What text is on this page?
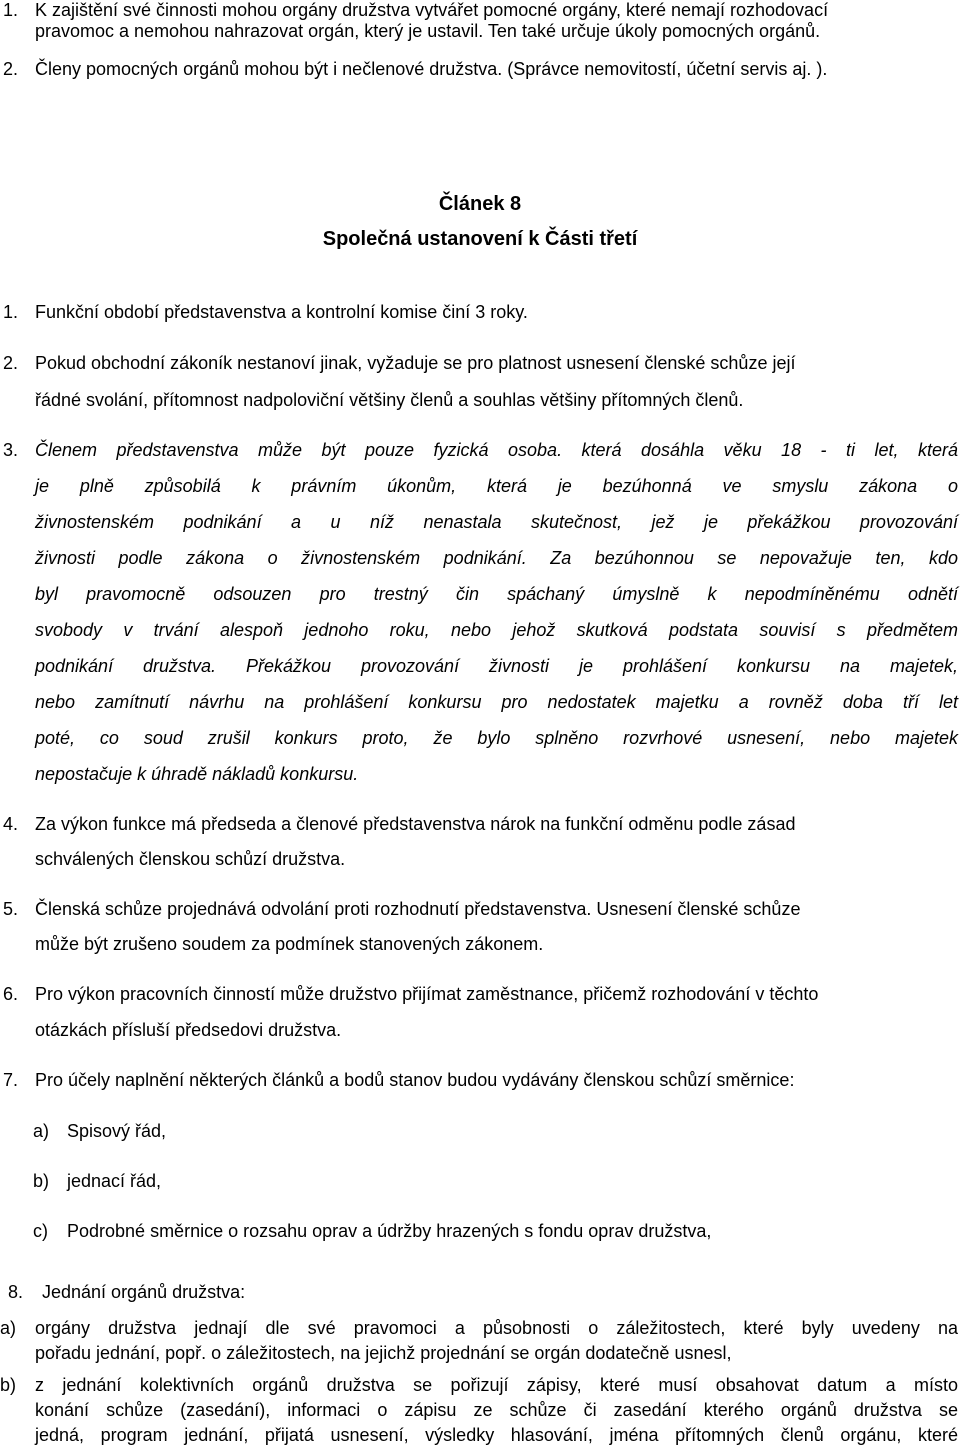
1. K zajištění své činnosti mohou orgány družstva vytvářet pomocné orgány, které nemají rozhodovací
pravomoc a nemohou nahrazovat orgán, který je ustavil. Ten také určuje úkoly pomocných orgánů.
2. Členy pomocných orgánů mohou být i nečlenové družstva. (Správce nemovitostí, účetní servis aj. ).
Článek 8
Společná ustanovení k Části třetí
1. Funkční období představenstva a kontrolní komise činí 3 roky.
2. Pokud obchodní zákoník nestanoví jinak, vyžaduje se pro platnost usnesení členské schůze její
řádné svolání, přítomnost nadpoloviční většiny členů a souhlas většiny přítomných členů.
3. Členem představenstva může být pouze fyzická osoba. která dosáhla věku 18 - ti let, která
je plně způsobilá k právním úkonům, která je bezúhonná ve smyslu zákona o
živnostenském podnikání a u níž nenastala skutečnost, jež je překážkou provozování
živnosti podle zákona o živnostenském podnikání. Za bezúhonnou se nepovažuje ten, kdo
byl pravomocně odsouzen pro trestný čin spáchaný úmyslně k nepodmíněnému odnětí
svobody v trvání alespoň jednoho roku, nebo jehož skutková podstata souvisí s předmětem
podnikání družstva. Překážkou provozování živnosti je prohlášení konkursu na majetek,
nebo zamítnutí návrhu na prohlášení konkursu pro nedostatek majetku a rovněž doba tří let
poté, co soud zrušil konkurs proto, že bylo splněno rozvrhové usnesení, nebo majetek
nepostačuje k úhradě nákladů konkursu.
4. Za výkon funkce má předseda a členové představenstva nárok na funkční odměnu podle zásad
schválených členskou schůzí družstva.
5. Členská schůze projednává odvolání proti rozhodnutí představenstva. Usnesení členské schůze
může být zrušeno soudem za podmínek stanovených zákonem.
6. Pro výkon pracovních činností může družstvo přijímat zaměstnance, přičemž rozhodování v těchto
otázkách přísluší předsedovi družstva.
7. Pro účely naplnění některých článků a bodů stanov budou vydávány členskou schůzí směrnice:
a) Spisový řád,
b) jednací řád,
c) Podrobné směrnice o rozsahu oprav a údržby hrazených s fondu oprav družstva,
8. Jednání orgánů družstva:
a) orgány družstva jednají dle své pravomoci a působnosti o záležitostech, které byly uvedeny na
pořadu jednání, popř. o záležitostech, na jejichž projednání se orgán dodatečně usnesl,
b) z jednání kolektivních orgánů družstva se pořizují zápisy, které musí obsahovat datum a místo
konání schůze (zasedání), informaci o zápisu ze schůze či zasedání kterého orgánů družstva se
jedná, program jednání, přijatá usnesení, výsledky hlasování, jména přítomných členů orgánu, které
